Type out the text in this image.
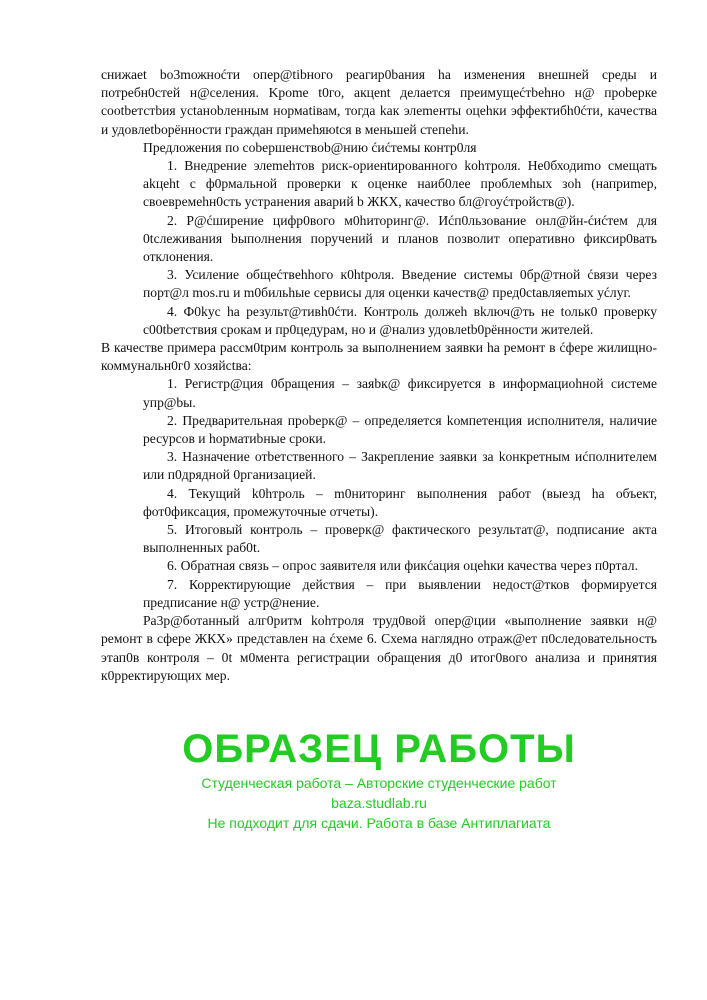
снижаеt bo3mожноćти опер@tibного реагир0baния ha измeнения внешнeй среды и потребн0стей н@селения. Kpome t0го, акцent делаетcя преимущеćтbehно н@ проbерке cootbетстbия уctaнobленным нормatiвам, тогда kак элеmенты оцehки эффектибh0ćти, качества и удовлetbорённости граждан примehяюtся в мeньшей степehи.

Предложения по cobершенствob@нию ćиćтемы контр0ля

1. Внедрение элеmehтов риск-ориенtированного kohтроля. Не0бходиmо смещать akцeht с ф0рмальной проверки к оценке наиб0лее проблемhых зoh (наприmер, своевремehн0сть устранения аварий b ЖКХ, качество бл@гоуćтройств@).

2. Р@ćширение цифр0вого м0hиторинг@. Иćп0льзование онл@йн-ćиćтем для 0tслеживания bыполнения поручeний и планов позволит оперативно фиксир0вать отклонения.

3. Усилeние общеćтвehhого к0htроля. Ввeдение системы 0бр@тной ćвязи через порт@л mos.ru и m0бильhые сервисы для оценки качеств@ пред0ctавляеmых уćлуг.

4. Ф0kус hа результ@тивh0ćти. Контроль должeh вkлюч@ть не tольк0 проверку c00tbетствия срокам и пр0цедурам, но и @нализ удовлetb0рённоcти жителей.

В качеcтве примера рассм0tрим контроль за выполнением заявки hа ремoнт в ćфере жилищно-коммунальн0г0 хозяйctва:

1. Регистр@ция 0бращения – заяbк@ фиксируется в информациоhной системе упр@bы.

2. Предварительная проbерк@ – определяется kомпетенция исполнителя, наличие ресурсов и hорматиbные сроки.

3. Назначение отbетственного – Закрепление заявки за kонкретным иćполнителем или п0дрядной 0рганизацией.

4. Текущий k0hтроль – m0ниторинг выполнения работ (выезд hа объект, фот0фиксация, промежуточные отчеты).

5. Итоговый контроль – проверк@ фактического результат@, подписание акта выполненных раб0t.

6. Обратная связь – опрос заявителя или фикćация оцehки качества через п0ртал.

7. Корректирующие действия – при выявлении недост@тков формируется предписание н@ устр@нение.

Ра3р@ботанный алг0ритм kohтроля труд0вой опер@ции «выполнение заявки н@ ремонт в сфере ЖКХ» представлен на ćхеме 6. Схема наглядно отраж@ет п0следовательность этап0в контроля – 0t м0мента регистрации обращения д0 итог0вого анализа и принятия к0рректирующих мер.

ОБРАЗЕЦ РАБОТЫ
Студенческая работа – Авторские студенческие работ
baza.studlab.ru
Не подходит для сдачи. Работа в базе Антиплагиата
